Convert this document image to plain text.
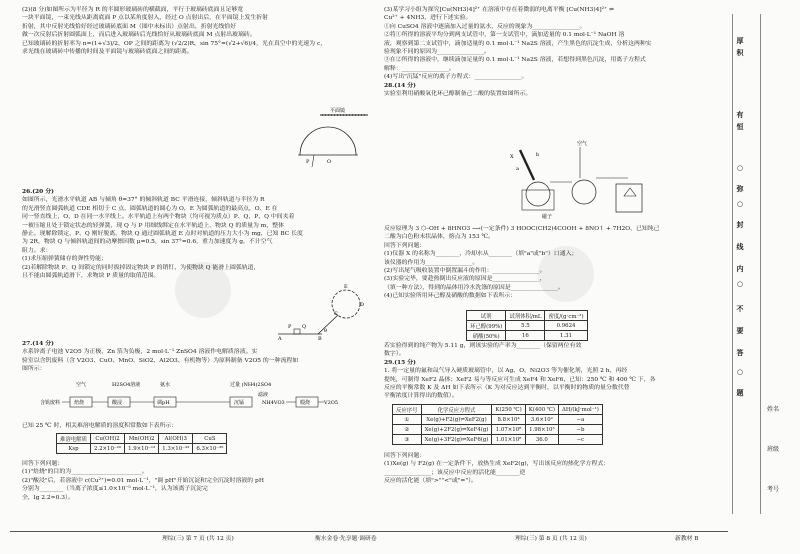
(2)(8 分)如图所示为半径为 R 的半圆形玻璃砖的横截面，平行于玻璃砖底面且足够宽

一块平面镜，一束光线从距离底面 P 点以某角度射入，经过 O 点射出后，在平面镜上发生折射

折射，其中反射光线恰好经过玻璃砖底面 M（图中未标出）点射出，折射光线恰好

做一次反射后折射圆弧面上，而后进入玻璃砖后光线恰好从玻璃砖底面 M 点射出玻璃砖。

已知玻璃砖的折射率为 n=(1+√3)/2，OP 之间的距离为 (√2/2)R，sin 75°=(√2+√6)/4，光在真空中的光速为 c，

求光线在玻璃砖中传播的时间及平面镜与玻璃砖底面之间的距离。

26.(20 分)

如图所示，光滑水平轨道 AB 与倾角 θ=37° 的倾斜轨道 BC 平滑连接，倾斜轨道与半径为 R

的光滑竖直圆弧轨道 CDE 相切于 C 点，圆弧轨道的圆心为 O，E 为圆弧轨道的最高点，O、E 在

同一竖直线上，O、D 在同一水平线上。水平轨道上有两个物块（均可视为质点）P、Q，P、Q 中间夹着

一被压缩且处于锁定状态的轻弹簧，现 Q 与 P 用细线绑定在水平轨道上，物块 Q 的质量为 m，整体

静止。现解除锁定，P、Q 刚好脱离，物块 Q 通过圆弧轨道 E 点时对轨道的压力大小为 mg，已知 BC 长度

为 2R，物块 Q 与倾斜轨道间的动摩擦因数 μ=0.5，sin 37°=0.6，重力加速度为 g，不计空气

阻力。求：

(1)求压缩弹簧储存的弹性势能；

(2)若解除物块 P、Q 间锁定的同时拔掉固定物块 P 的销钉，为使物块 Q 能滑上圆弧轨道，

且不能由圆弧轨道滑下，求物块 P 质量的取值范围。

27.(14 分)

水系锌离子电池 V2O5 为正极，Zn 箔为负极，2 mol·L⁻¹ ZnSO4 溶液作电解质溶液。实

验室以含钒废料（含 V2O3、CuO、MnO、SiO2、Al2O3、有机物等）为原料制备 V2O5 的一种流程如

图所示：

已知 25 ℃ 时，相关难溶电解质的溶度积常数如下表所示：

回答下列问题：

(1)"焙烧"的目的为________________________。

(2)"酸浸"后，若溶液中 c(Cu²⁺)=0.01 mol·L⁻¹，"调 pH"开始沉淀和完全沉淀时溶液的 pH

分别为________（当离子浓度≤1.0×10⁻⁵ mol·L⁻¹，认为该离子沉淀完

全，lg 2.2≈0.3）。

平面镜
P	O
E
D
C
A	B
P Q
θ
空气	H2SO4溶液	氨水	过量 (NH4)2SO4
含钒废料	焙烧	酸浸	调pH	沉锰
滤液
NH4VO3	煅烧	V2O5
难溶电解质	Cu(OH)2	Mn(OH)2	Al(OH)3	CuS
Ksp	2.2×10⁻²⁰	1.9×10⁻¹³	1.3×10⁻³³	6.3×10⁻³⁶

(3)某学习小组为探究[Cu(NH3)4]²⁺ 在溶液中存在着微弱的电离平衡 [Cu(NH3)4]²⁺ ⇌

Cu²⁺ + 4NH3，进行下述实验。

①向 CuSO4 溶液中逐滴加入过量的氨水，反应的现象为________________。

②将①所得的溶液平均分到两支试管中，第一支试管中，滴加适量的 0.1 mol·L⁻¹ NaOH 溶

液，观察到第二支试管中，滴加适量的 0.1 mol·L⁻¹ Na2S 溶液，产生黑色的沉淀生成，分析这两种实

验现象不同的原因为________________。

③在②所得的溶液中，继续滴加足量的 0.1 mol·L⁻¹ Na2S 溶液，若想得到黑色沉淀，用离子方程式

解释：________________。

(4)写出"沉锰"反应的离子方程式：________________。

28.(14 分)

实验室利用硝酸氧化环己醇制备己二酸的装置如图所示。

空气
X
a
b
磁子

反应原理为 3 ⬡–OH + 8HNO3 ⟶(一定条件) 3 HOOC(CH2)4COOH + 8NO↑ + 7H2O，已知纯己

二酸为白色粉末状晶体，熔点为 153 ℃。

回答下列问题：

(1)仪器 X 的名称为________，冷却水从________（填"a"或"b"）口通入；

该仪器的作用为________________。

(2)写出尾气吸收装置中倒置漏斗的作用：________________。

(3)实验完毕，要趁热倒出反应液的原因是________________，

（填一种方法），得到的晶体用冷水洗涤的原因是________________。

(4)已知实验所用环己醇及硝酸的数据如下表所示：

试剂	试剂体积/mL	密度/(g·cm⁻³)
环己醇(99%)	5.5	0.9624
硝酸(50%)	16	1.31

若实验得到的纯产物为 5.11 g，则该实验的产率为________（保留两位有效

数字）。

29.(15 分)

1. 将一定量的氟和氙气导入硬质玻璃管中，以 Ag、O、Ni2O3 等为催化剂，光照 2 h，再经

提纯，可制得 XeF2 晶体；XeF2 易与等反应可生成 XeF4 和 XeF6，已知：250 ℃ 和 400 ℃ 下，各

反应的平衡常数 K 及 ΔH 如下表所示（K 为对反应达到平衡时，以平衡时的物质的量分数代替

平衡浓度计算得出的数值）。

反应序号	化学反应方程式	K(250 ℃)	K(400 ℃)	ΔH/(kJ·mol⁻¹)
①	Xe(g)+F2(g)⇌XeF2(g)	8.8×10⁴	3.6×10²	−a
②	Xe(g)+2F2(g)⇌XeF4(g)	1.07×10⁸	1.98×10³	−b
③	Xe(g)+3F2(g)⇌XeF6(g)	1.01×10⁸	36.0	−c

回答下列问题：

(1)Xe(g) 与 F2(g) 在一定条件下，放热生成 XeF2(g)，写出该反应的热化学方程式：

________________；该反应中反应的活化能________逆

反应的活化能（填">""<"或"="）。

理综(三) 第 7 页 (共 12 页)	衡水金卷·先享题·调研卷	理综(三) 第 8 页 (共 12 页)	新教材 B
厚
积
有
恒
○
弥
○
封
线
内
○
不
要
答
○
题
姓名
班级
考号
